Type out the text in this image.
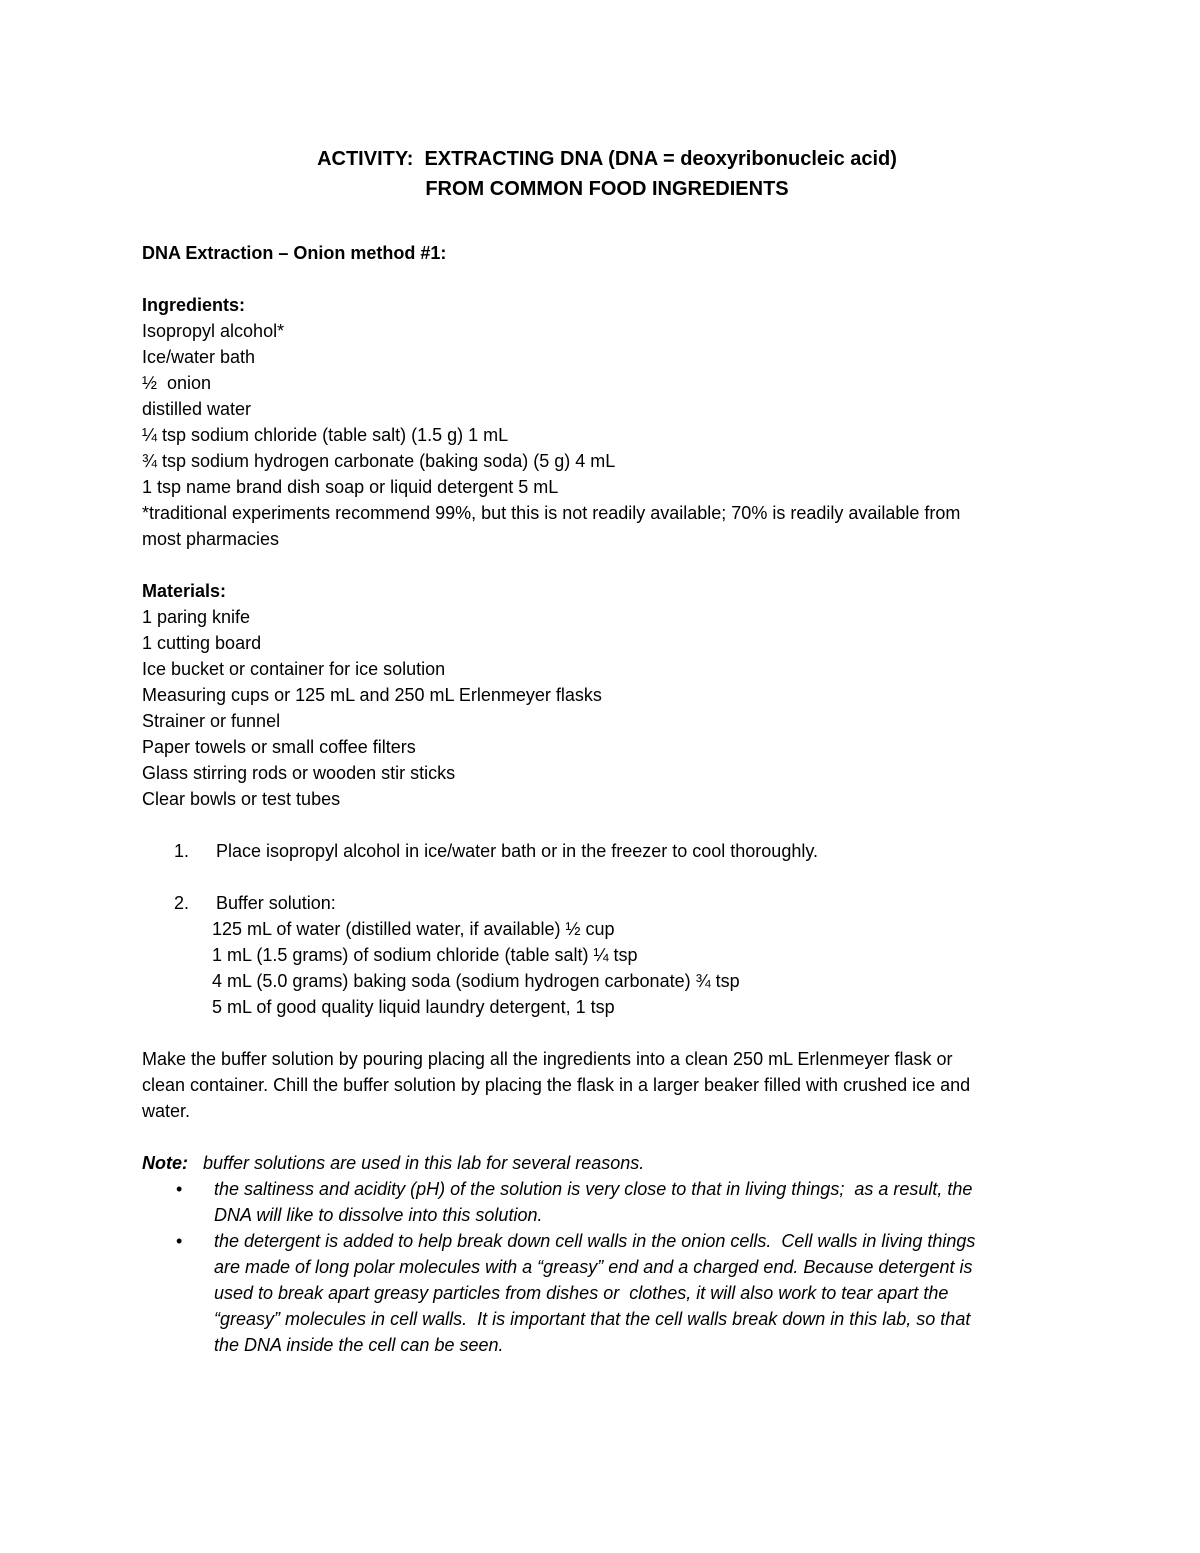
ACTIVITY:  EXTRACTING DNA (DNA = deoxyribonucleic acid)
FROM COMMON FOOD INGREDIENTS
DNA Extraction – Onion method #1:
Ingredients:
Isopropyl alcohol*
Ice/water bath
½  onion
distilled water
¼ tsp sodium chloride (table salt) (1.5 g) 1 mL
¾ tsp sodium hydrogen carbonate (baking soda) (5 g) 4 mL
1 tsp name brand dish soap or liquid detergent 5 mL
*traditional experiments recommend 99%, but this is not readily available; 70% is readily available from
most pharmacies
Materials:
1 paring knife
1 cutting board
Ice bucket or container for ice solution
Measuring cups or 125 mL and 250 mL Erlenmeyer flasks
Strainer or funnel
Paper towels or small coffee filters
Glass stirring rods or wooden stir sticks
Clear bowls or test tubes
1. Place isopropyl alcohol in ice/water bath or in the freezer to cool thoroughly.
2. Buffer solution:
125 mL of water (distilled water, if available) ½ cup
1 mL (1.5 grams) of sodium chloride (table salt) ¼ tsp
4 mL (5.0 grams) baking soda (sodium hydrogen carbonate) ¾ tsp
5 mL of good quality liquid laundry detergent, 1 tsp
Make the buffer solution by pouring placing all the ingredients into a clean 250 mL Erlenmeyer flask or
clean container. Chill the buffer solution by placing the flask in a larger beaker filled with crushed ice and
water.
Note: buffer solutions are used in this lab for several reasons.
• the saltiness and acidity (pH) of the solution is very close to that in living things;  as a result, the
DNA will like to dissolve into this solution.
• the detergent is added to help break down cell walls in the onion cells.  Cell walls in living things
are made of long polar molecules with a “greasy” end and a charged end. Because detergent is
used to break apart greasy particles from dishes or  clothes, it will also work to tear apart the
“greasy” molecules in cell walls.  It is important that the cell walls break down in this lab, so that
the DNA inside the cell can be seen.
